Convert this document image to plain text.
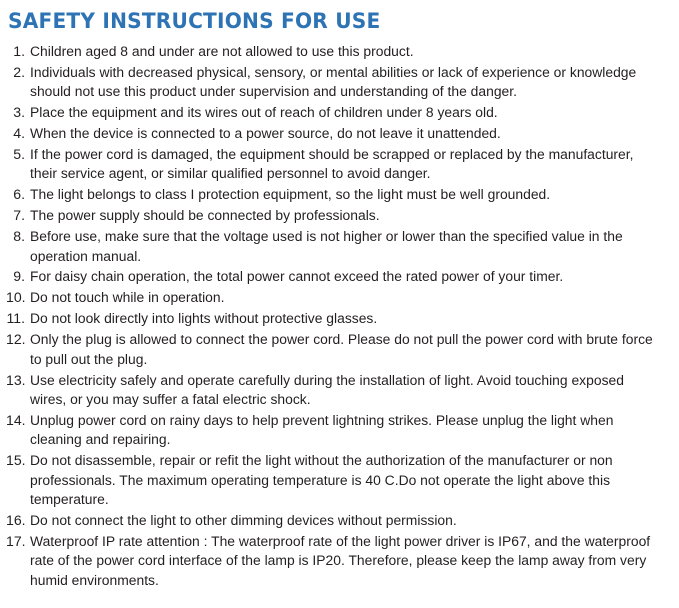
SAFETY INSTRUCTIONS FOR USE
1. Children aged 8 and under are not allowed to use this product.
2. Individuals with decreased physical, sensory, or mental abilities or lack of experience or knowledge should not use this product under supervision and understanding of the danger.
3. Place the equipment and its wires out of reach of children under 8 years old.
4. When the device is connected to a power source, do not leave it unattended.
5. If the power cord is damaged, the equipment should be scrapped or replaced by the manufacturer, their service agent, or similar qualified personnel to avoid danger.
6. The light belongs to class I protection equipment, so the light must be well grounded.
7. The power supply should be connected by professionals.
8. Before use, make sure that the voltage used is not higher or lower than the specified value in the operation manual.
9. For daisy chain operation, the total power cannot exceed the rated power of your timer.
10. Do not touch while in operation.
11. Do not look directly into lights without protective glasses.
12. Only the plug is allowed to connect the power cord. Please do not pull the power cord with brute force to pull out the plug.
13. Use electricity safely and operate carefully during the installation of light. Avoid touching exposed wires, or you may suffer a fatal electric shock.
14. Unplug power cord on rainy days to help prevent lightning strikes. Please unplug the light when cleaning and repairing.
15. Do not disassemble, repair or refit the light without the authorization of the manufacturer or non professionals. The maximum operating temperature is 40 C.Do not operate the light above this temperature.
16. Do not connect the light to other dimming devices without permission.
17. Waterproof IP rate attention : The waterproof rate of the light power driver is IP67, and the waterproof rate of the power cord interface of the lamp is IP20. Therefore, please keep the lamp away from very humid environments.
